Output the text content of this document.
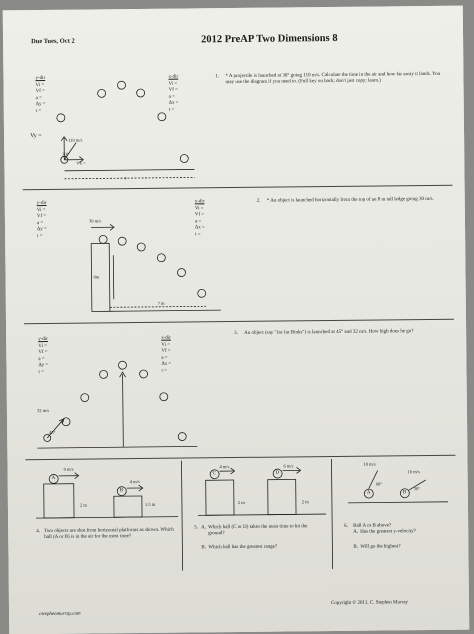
Due Tues, Oct 2	2012 PreAP Two Dimensions 8
y-dir
Vi =
Vf =
a =
Δy =
t =
x-dir
Vi =
Vf =
a =
Δx =
t =
1. * A projectile is launched at 30° going 110 m/s. Calculate the time in the air and how far away it lands. You may use the diagram if you need to. (Full key on back; don't just copy; learn.)
Vy =
110 m/s
30°
Vx =
?
y-dir
Vi =
Vf =
a =
Δy =
t =
x-dir
Vi =
Vf =
a =
Δx =
t =
2. * An object is launched horizontally from the top of an 8 m tall ledge going 30 m/s.
30 m/s
8m
? m
y-dir
Vi =
Vf =
a =
Δy =
t =
x-dir
Vi =
Vf =
a =
Δx =
t =
3. An object (say "Jar Jar Binks") is launched at 45° and 32 m/s. How high does he go?
32 m/s
45°
9 m/s
4 m/s
2 m	1.5 m
A
B
4 m/s	6 m/s
2 m	2 m
C	D
10 m/s
10 m/s
60°
30°
A	B
4. Two objects are shot from horizontal platforms as shown. Which ball (A or B) is in the air for the most time?
5. A. Which ball (C or D) takes the most time to hit the ground?
B. Which ball has the greatest range?
6. Ball A or B above?
A. Has the greatest y-velocity?
B. Will go the highest?
cstephenmurray.com
Copyright © 2011, C. Stephen Murray
